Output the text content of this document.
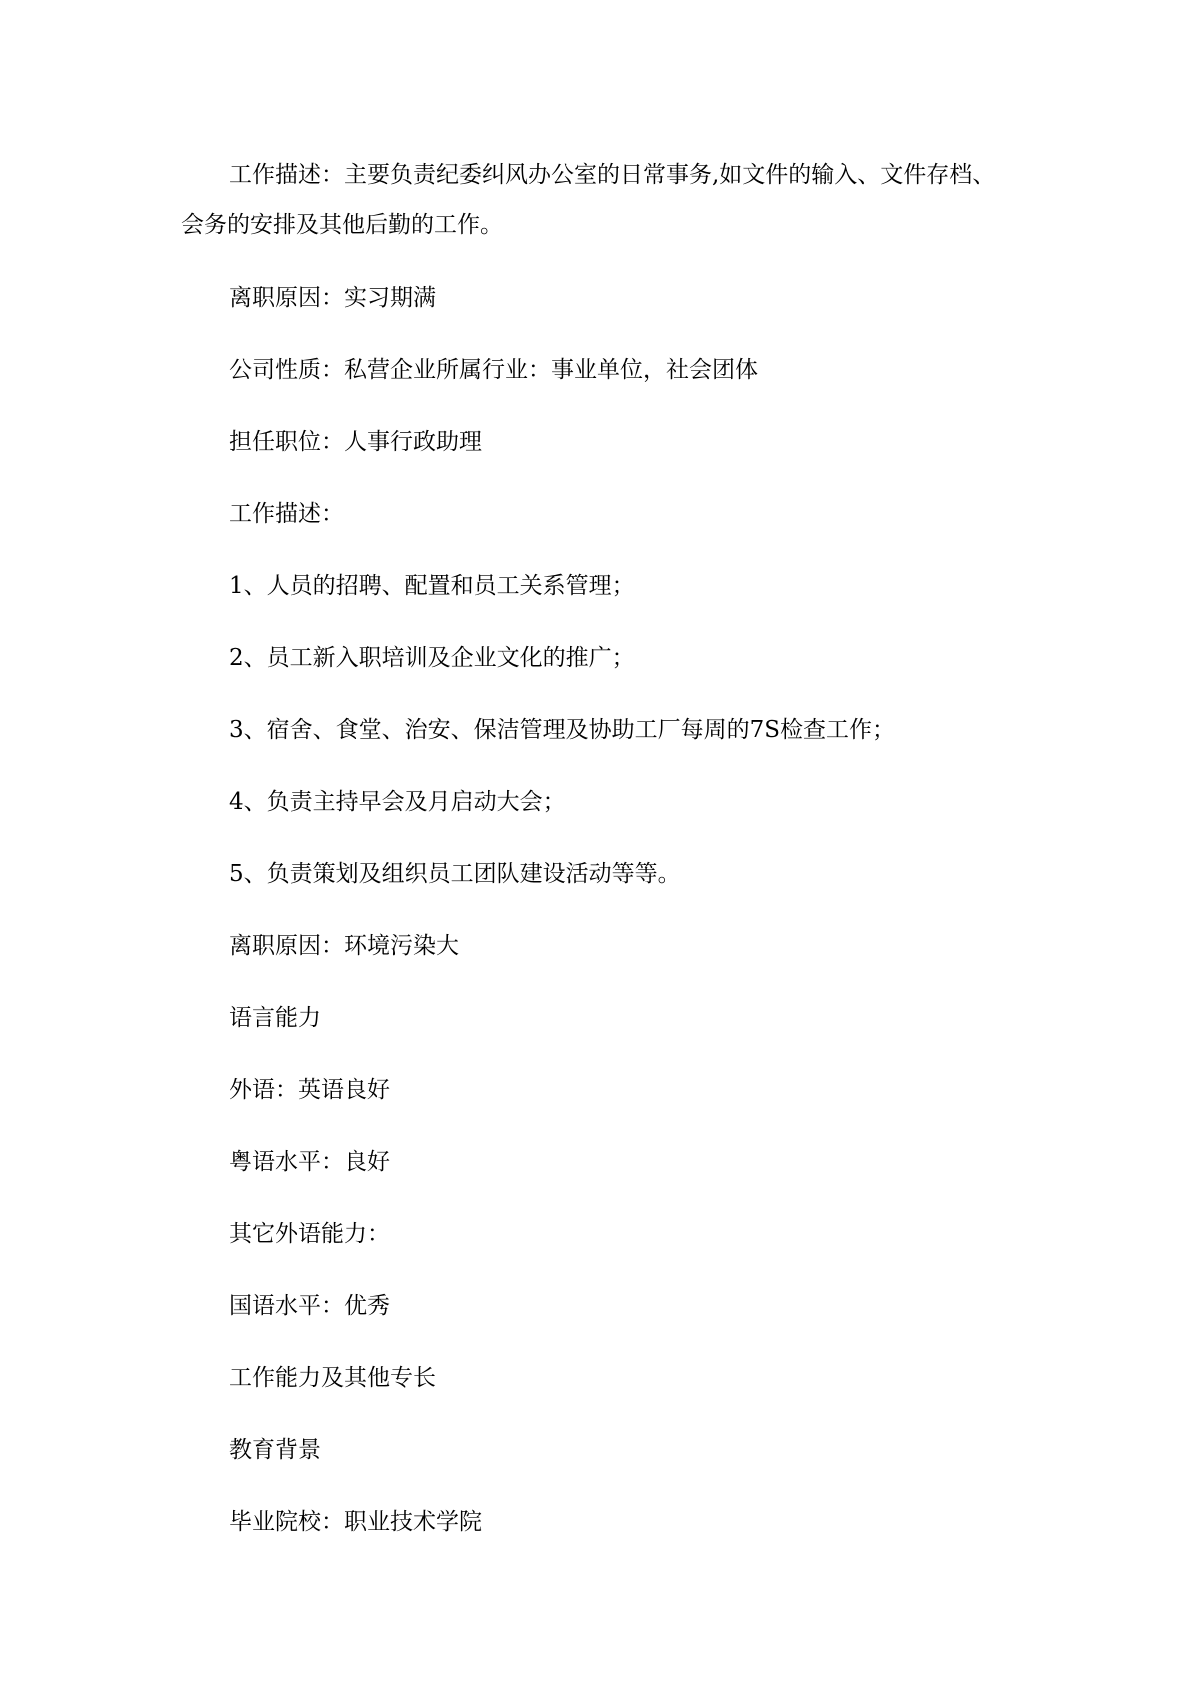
工作描述：主要负责纪委纠风办公室的日常事务,如文件的输入、文件存档、

会务的安排及其他后勤的工作。

离职原因：实习期满

公司性质：私营企业所属行业：事业单位，社会团体

担任职位：人事行政助理

工作描述：

1、人员的招聘、配置和员工关系管理；

2、员工新入职培训及企业文化的推广；

3、宿舍、食堂、治安、保洁管理及协助工厂每周的7S检查工作；

4、负责主持早会及月启动大会；

5、负责策划及组织员工团队建设活动等等。

离职原因：环境污染大

语言能力

外语：英语良好

粤语水平：良好

其它外语能力：

国语水平：优秀

工作能力及其他专长

教育背景

毕业院校：职业技术学院
